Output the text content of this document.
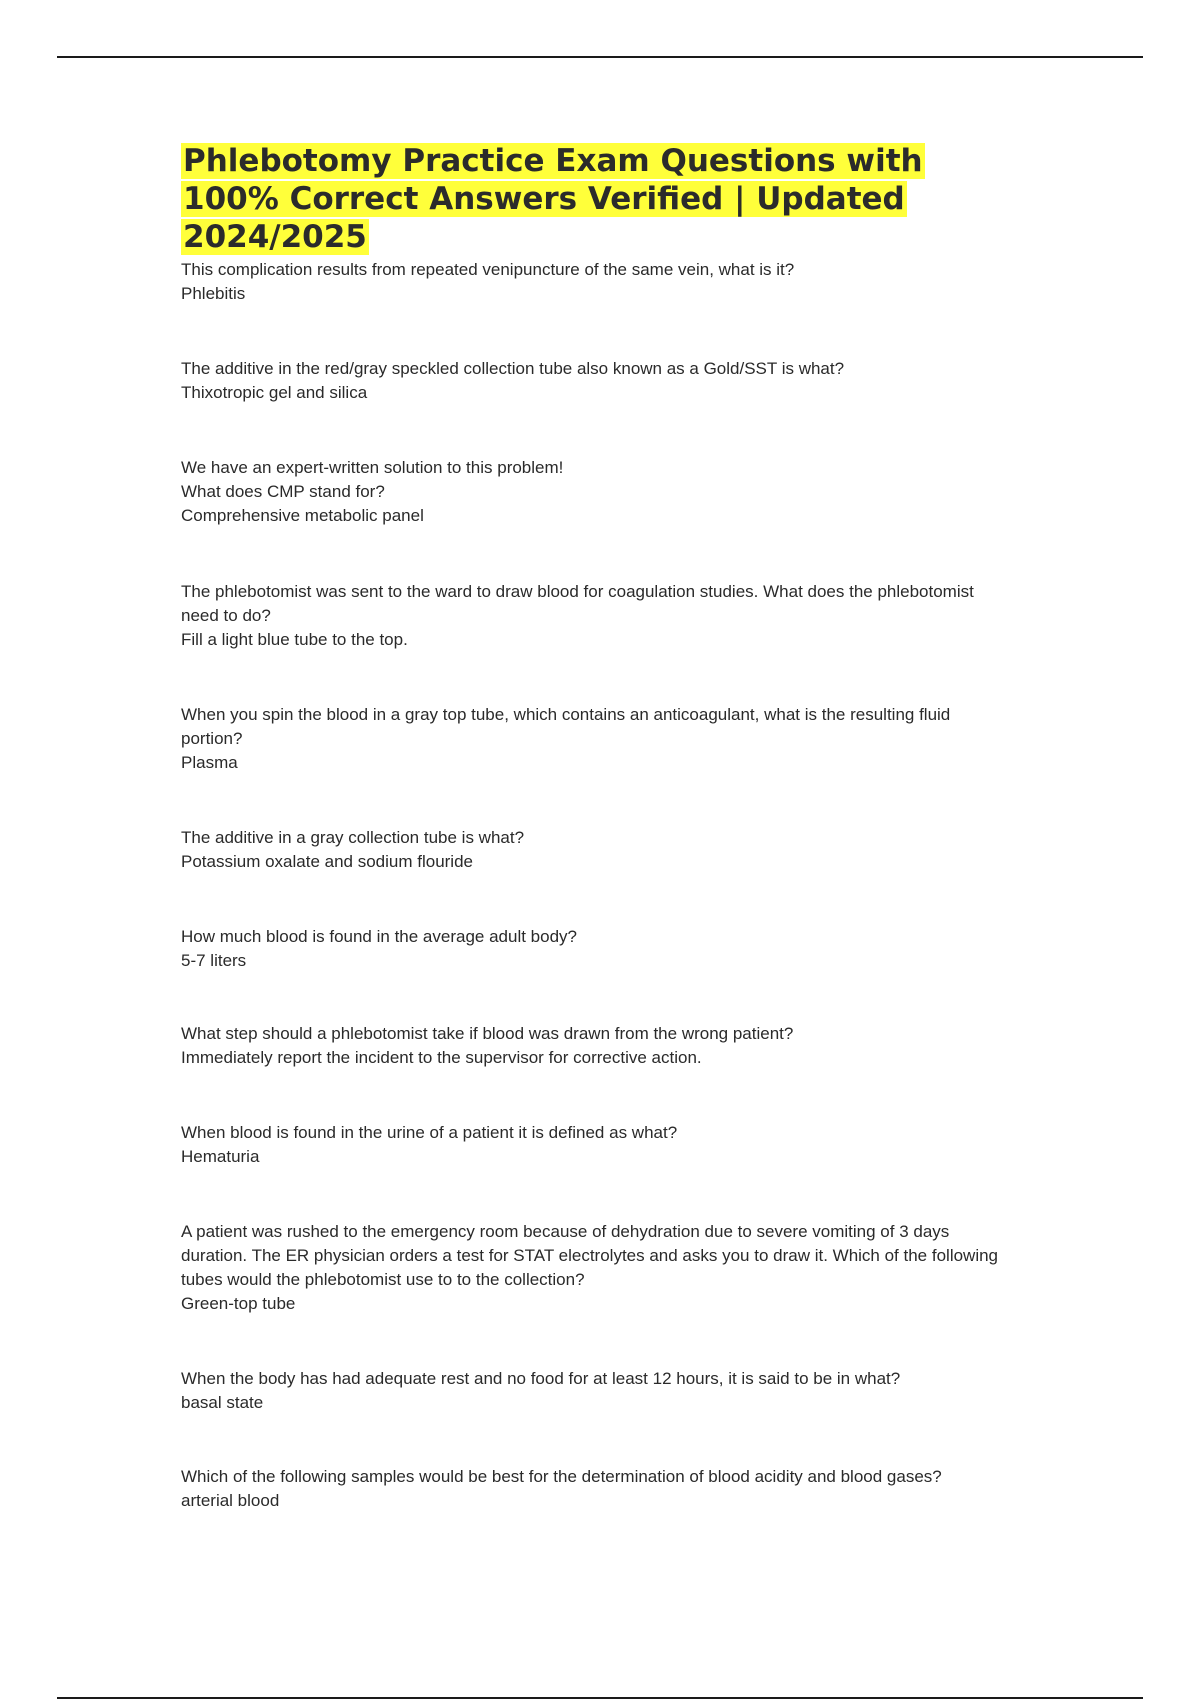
Phlebotomy Practice Exam Questions with 100% Correct Answers Verified | Updated 2024/2025
This complication results from repeated venipuncture of the same vein, what is it?
Phlebitis
The additive in the red/gray speckled collection tube also known as a Gold/SST is what?
Thixotropic gel and silica
We have an expert-written solution to this problem!
What does CMP stand for?
Comprehensive metabolic panel
The phlebotomist was sent to the ward to draw blood for coagulation studies. What does the phlebotomist need to do?
Fill a light blue tube to the top.
When you spin the blood in a gray top tube, which contains an anticoagulant, what is the resulting fluid portion?
Plasma
The additive in a gray collection tube is what?
Potassium oxalate and sodium flouride
How much blood is found in the average adult body?
5-7 liters
What step should a phlebotomist take if blood was drawn from the wrong patient?
Immediately report the incident to the supervisor for corrective action.
When blood is found in the urine of a patient it is defined as what?
Hematuria
A patient was rushed to the emergency room because of dehydration due to severe vomiting of 3 days duration. The ER physician orders a test for STAT electrolytes and asks you to draw it. Which of the following tubes would the phlebotomist use to to the collection?
Green-top tube
When the body has had adequate rest and no food for at least 12 hours, it is said to be in what?
basal state
Which of the following samples would be best for the determination of blood acidity and blood gases?
arterial blood
